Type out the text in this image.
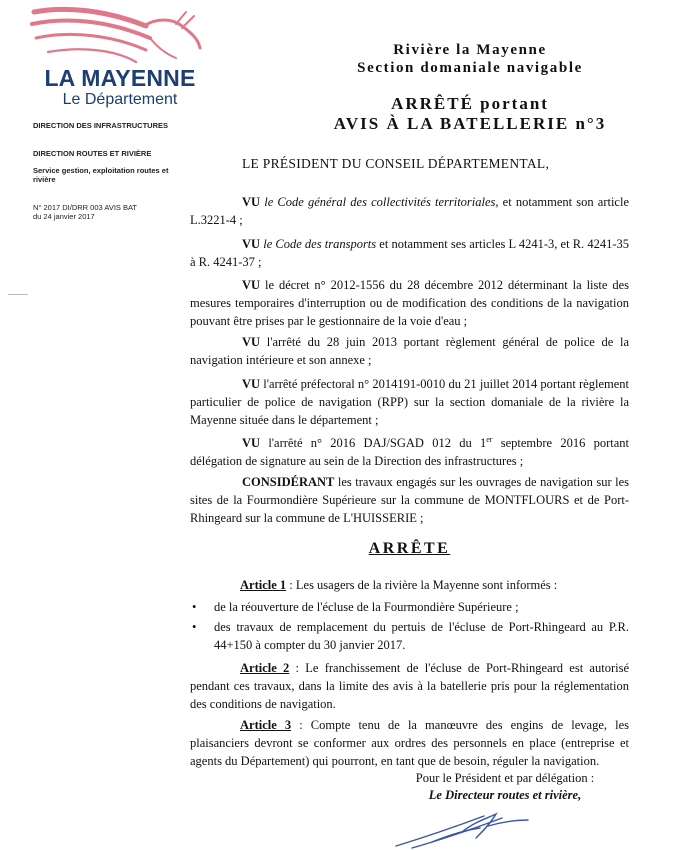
LA MAYENNE
Le Département
DIRECTION DES INFRASTRUCTURES
DIRECTION ROUTES ET RIVIÈRE
Service gestion, exploitation routes et rivière
N° 2017 DI/DRR 003 AVIS BAT
du 24 janvier 2017
Rivière la Mayenne
Section domaniale navigable
ARRÊTÉ portant
AVIS À LA BATELLERIE n°3
LE PRÉSIDENT DU CONSEIL DÉPARTEMENTAL,
VU le Code général des collectivités territoriales, et notamment son article L.3221-4 ;
VU le Code des transports et notamment ses articles L 4241-3, et R. 4241-35 à R. 4241-37 ;
VU le décret n° 2012-1556 du 28 décembre 2012 déterminant la liste des mesures temporaires d'interruption ou de modification des conditions de la navigation pouvant être prises par le gestionnaire de la voie d'eau ;
VU l'arrêté du 28 juin 2013 portant règlement général de police de la navigation intérieure et son annexe ;
VU l'arrêté préfectoral n° 2014191-0010 du 21 juillet 2014 portant règlement particulier de police de navigation (RPP) sur la section domaniale de la rivière la Mayenne située dans le département ;
VU l'arrêté n° 2016 DAJ/SGAD 012 du 1er septembre 2016 portant délégation de signature au sein de la Direction des infrastructures ;
CONSIDÉRANT les travaux engagés sur les ouvrages de navigation sur les sites de la Fourmondière Supérieure sur la commune de MONTFLOURS et de Port-Rhingeard sur la commune de L'HUISSERIE ;
ARRÊTE
Article 1 : Les usagers de la rivière la Mayenne sont informés :
• de la réouverture de l'écluse de la Fourmondière Supérieure ;
• des travaux de remplacement du pertuis de l'écluse de Port-Rhingeard au P.R. 44+150 à compter du 30 janvier 2017.
Article 2 : Le franchissement de l'écluse de Port-Rhingeard est autorisé pendant ces travaux, dans la limite des avis à la batellerie pris pour la réglementation des conditions de navigation.
Article 3 : Compte tenu de la manœuvre des engins de levage, les plaisanciers devront se conformer aux ordres des personnels en place (entreprise et agents du Département) qui pourront, en tant que de besoin, réguler la navigation.
Pour le Président et par délégation :
Le Directeur routes et rivière,
